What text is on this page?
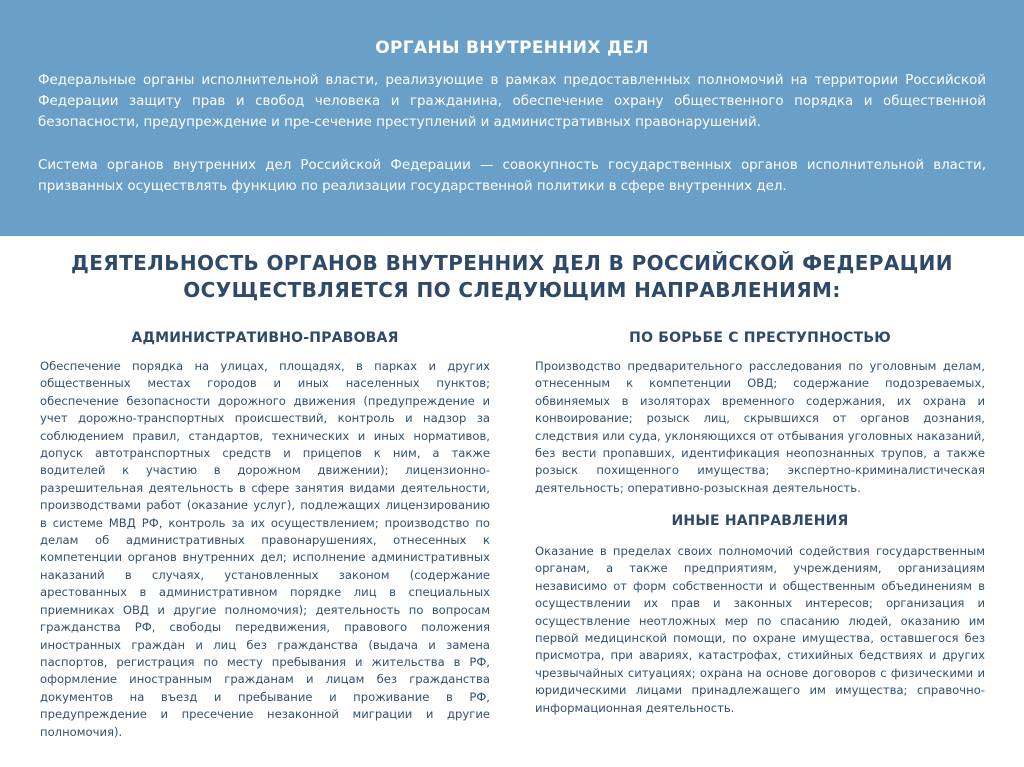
ОРГАНЫ ВНУТРЕННИХ ДЕЛ

Федеральные органы исполнительной власти, реализующие в рамках предоставленных полномочий на территории Российской Федерации защиту прав и свобод человека и гражданина, обеспечение охрану общественного порядка и общественной безопасности, предупреждение и пре-сечение преступлений и административных правонарушений.

Система органов внутренних дел Российской Федерации — совокупность государственных органов исполнительной власти, призванных осуществлять функцию по реализации государственной политики в сфере внутренних дел.

ДЕЯТЕЛЬНОСТЬ ОРГАНОВ ВНУТРЕННИХ ДЕЛ В РОССИЙСКОЙ ФЕДЕРАЦИИ
ОСУЩЕСТВЛЯЕТСЯ ПО СЛЕДУЮЩИМ НАПРАВЛЕНИЯМ:
АДМИНИСТРАТИВНО-ПРАВОВАЯ

Обеспечение порядка на улицах, площадях, в парках и других общественных местах городов и иных населенных пунктов; обеспечение безопасности дорожного движения (предупреждение и учет дорожно-транспортных происшествий, контроль и надзор за соблюдением правил, стандартов, технических и иных нормативов, допуск автотранспортных средств и прицепов к ним, а также водителей к участию в дорожном движении); лицензионно-разрешительная деятельность в сфере занятия видами деятельности, производствами работ (оказание услуг), подлежащих лицензированию в системе МВД РФ, контроль за их осуществлением; производство по делам об административных правонарушениях, отнесенных к компетенции органов внутренних дел; исполнение административных наказаний в случаях, установленных законом (содержание арестованных в административном порядке лиц в специальных приемниках ОВД и другие полномочия); деятельность по вопросам гражданства РФ, свободы передвижения, правового положения иностранных граждан и лиц без гражданства (выдача и замена паспортов, регистрация по месту пребывания и жительства в РФ, оформление иностранным гражданам и лицам без гражданства документов на въезд и пребывание и проживание в РФ, предупреждение и пресечение незаконной миграции и другие полномочия).

ПО БОРЬБЕ С ПРЕСТУПНОСТЬЮ

Производство предварительного расследования по уголовным делам, отнесенным к компетенции ОВД; содержание подозреваемых, обвиняемых в изоляторах временного содержания, их охрана и конвоирование; розыск лиц, скрывшихся от органов дознания, следствия или суда, уклоняющихся от отбывания уголовных наказаний, без вести пропавших, идентификация неопознанных трупов, а также розыск похищенного имущества; экспертно-криминалистическая деятельность; оперативно-розыскная деятельность.

ИНЫЕ НАПРАВЛЕНИЯ

Оказание в пределах своих полномочий содействия государственным органам, а также предприятиям, учреждениям, организациям независимо от форм собственности и общественным объединениям в осуществлении их прав и законных интересов; организация и осуществление неотложных мер по спасанию людей, оказанию им первой медицинской помощи, по охране имущества, оставшегося без присмотра, при авариях, катастрофах, стихийных бедствиях и других чрезвычайных ситуациях; охрана на основе договоров с физическими и юридическими лицами принадлежащего им имущества; справочно-информационная деятельность.
